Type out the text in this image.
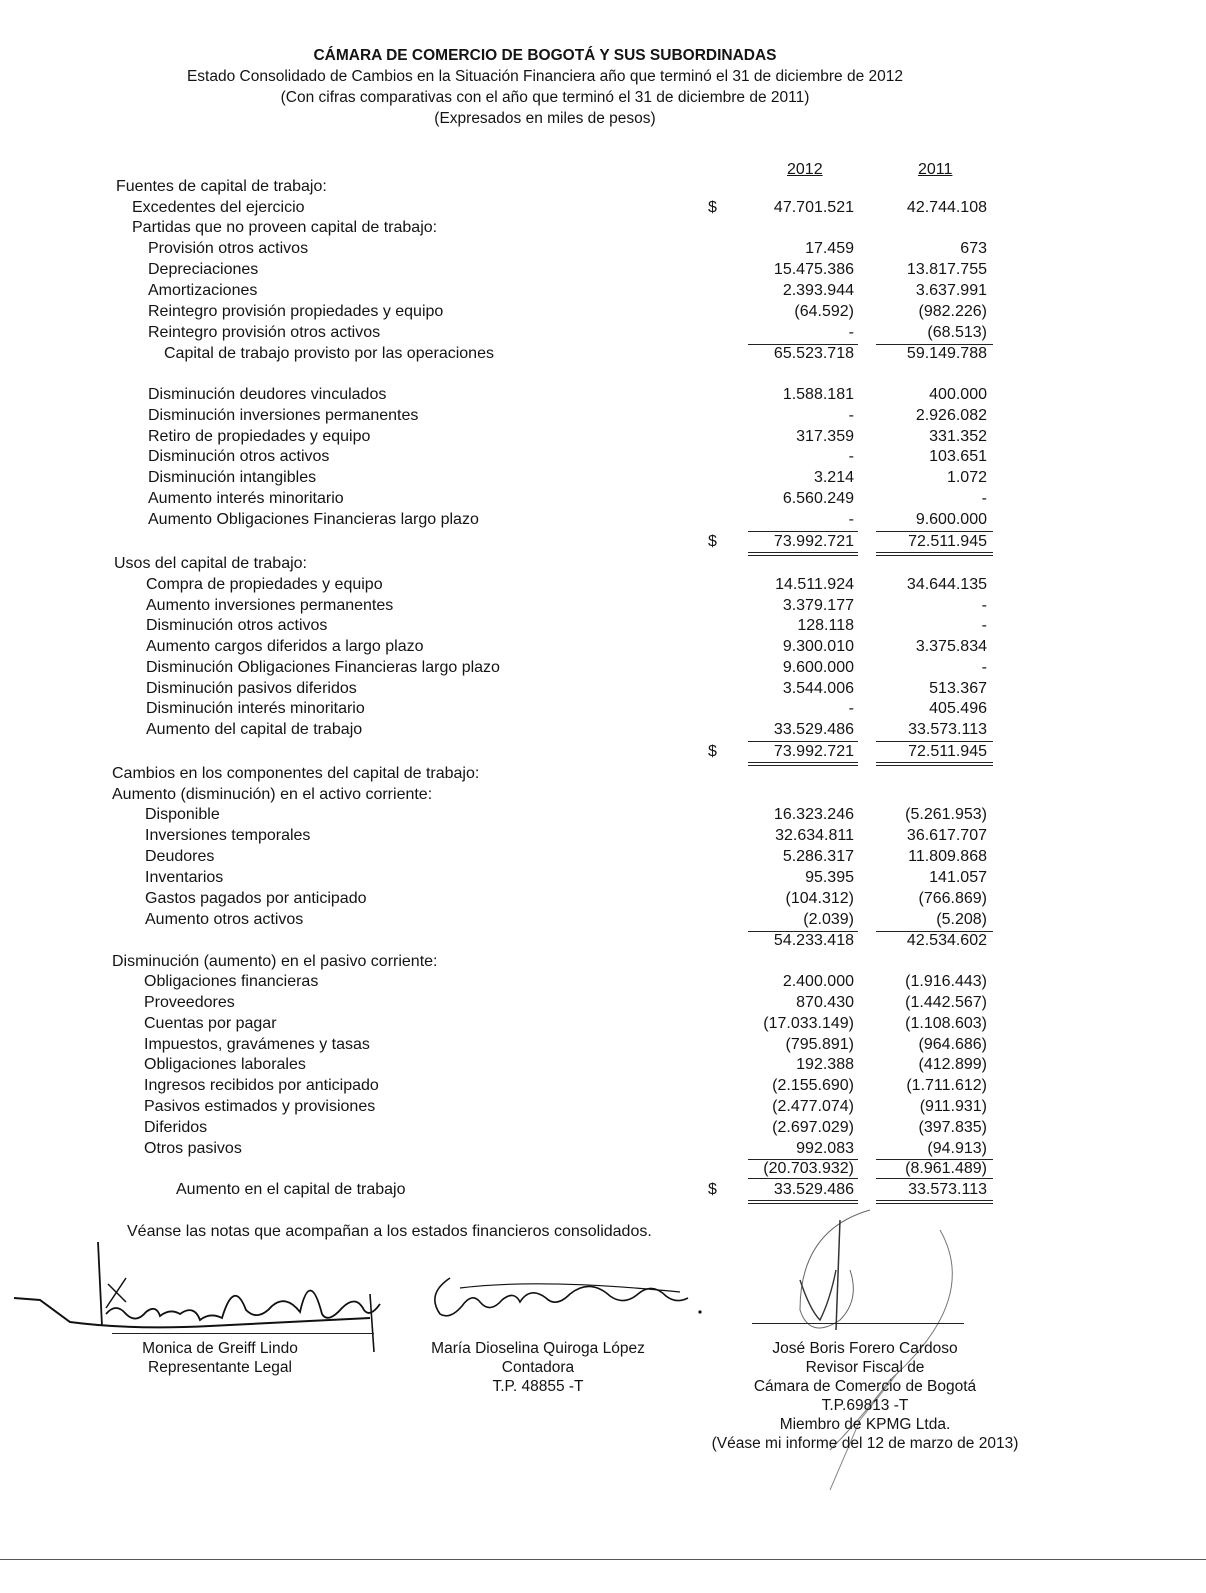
CÁMARA DE COMERCIO DE BOGOTÁ Y SUS SUBORDINADAS
Estado Consolidado de Cambios en la Situación Financiera año que terminó el 31 de diciembre de 2012
(Con cifras comparativas con el año que terminó el 31 de diciembre de 2011)
(Expresados en miles de pesos)
2012	2011
Fuentes de capital de trabajo:
Excedentes del ejercicio	$	47.701.521	42.744.108
Partidas que no proveen capital de trabajo:
Provisión otros activos	17.459	673
Depreciaciones	15.475.386	13.817.755
Amortizaciones	2.393.944	3.637.991
Reintegro provisión propiedades y equipo	(64.592)	(982.226)
Reintegro provisión otros activos	-	(68.513)
Capital de trabajo provisto por las operaciones	65.523.718	59.149.788
Disminución deudores vinculados	1.588.181	400.000
Disminución inversiones permanentes	-	2.926.082
Retiro de propiedades y equipo	317.359	331.352
Disminución otros activos	-	103.651
Disminución intangibles	3.214	1.072
Aumento interés minoritario	6.560.249	-
Aumento Obligaciones Financieras largo plazo	-	9.600.000
$	73.992.721	72.511.945
Usos del capital de trabajo:
Compra de propiedades y equipo	14.511.924	34.644.135
Aumento inversiones permanentes	3.379.177	-
Disminución otros activos	128.118	-
Aumento cargos diferidos a largo plazo	9.300.010	3.375.834
Disminución Obligaciones Financieras largo plazo	9.600.000	-
Disminución pasivos diferidos	3.544.006	513.367
Disminución interés minoritario	-	405.496
Aumento del capital de trabajo	33.529.486	33.573.113
$	73.992.721	72.511.945
Cambios en los componentes del capital de trabajo:
Aumento (disminución) en el activo corriente:
Disponible	16.323.246	(5.261.953)
Inversiones temporales	32.634.811	36.617.707
Deudores	5.286.317	11.809.868
Inventarios	95.395	141.057
Gastos pagados por anticipado	(104.312)	(766.869)
Aumento otros activos	(2.039)	(5.208)
54.233.418	42.534.602
Disminución (aumento) en el pasivo corriente:
Obligaciones financieras	2.400.000	(1.916.443)
Proveedores	870.430	(1.442.567)
Cuentas por pagar	(17.033.149)	(1.108.603)
Impuestos, gravámenes y tasas	(795.891)	(964.686)
Obligaciones laborales	192.388	(412.899)
Ingresos recibidos por anticipado	(2.155.690)	(1.711.612)
Pasivos estimados y provisiones	(2.477.074)	(911.931)
Diferidos	(2.697.029)	(397.835)
Otros pasivos	992.083	(94.913)
(20.703.932)	(8.961.489)
Aumento en el capital de trabajo	$	33.529.486	33.573.113
Véanse las notas que acompañan a los estados financieros consolidados.
Monica de Greiff Lindo
Representante Legal
María Dioselina Quiroga López
Contadora
T.P. 48855 -T
José Boris Forero Cardoso
Revisor Fiscal de
Cámara de Comercio de Bogotá
T.P.69813 -T
Miembro de KPMG Ltda.
(Véase mi informe del 12 de marzo de 2013)
